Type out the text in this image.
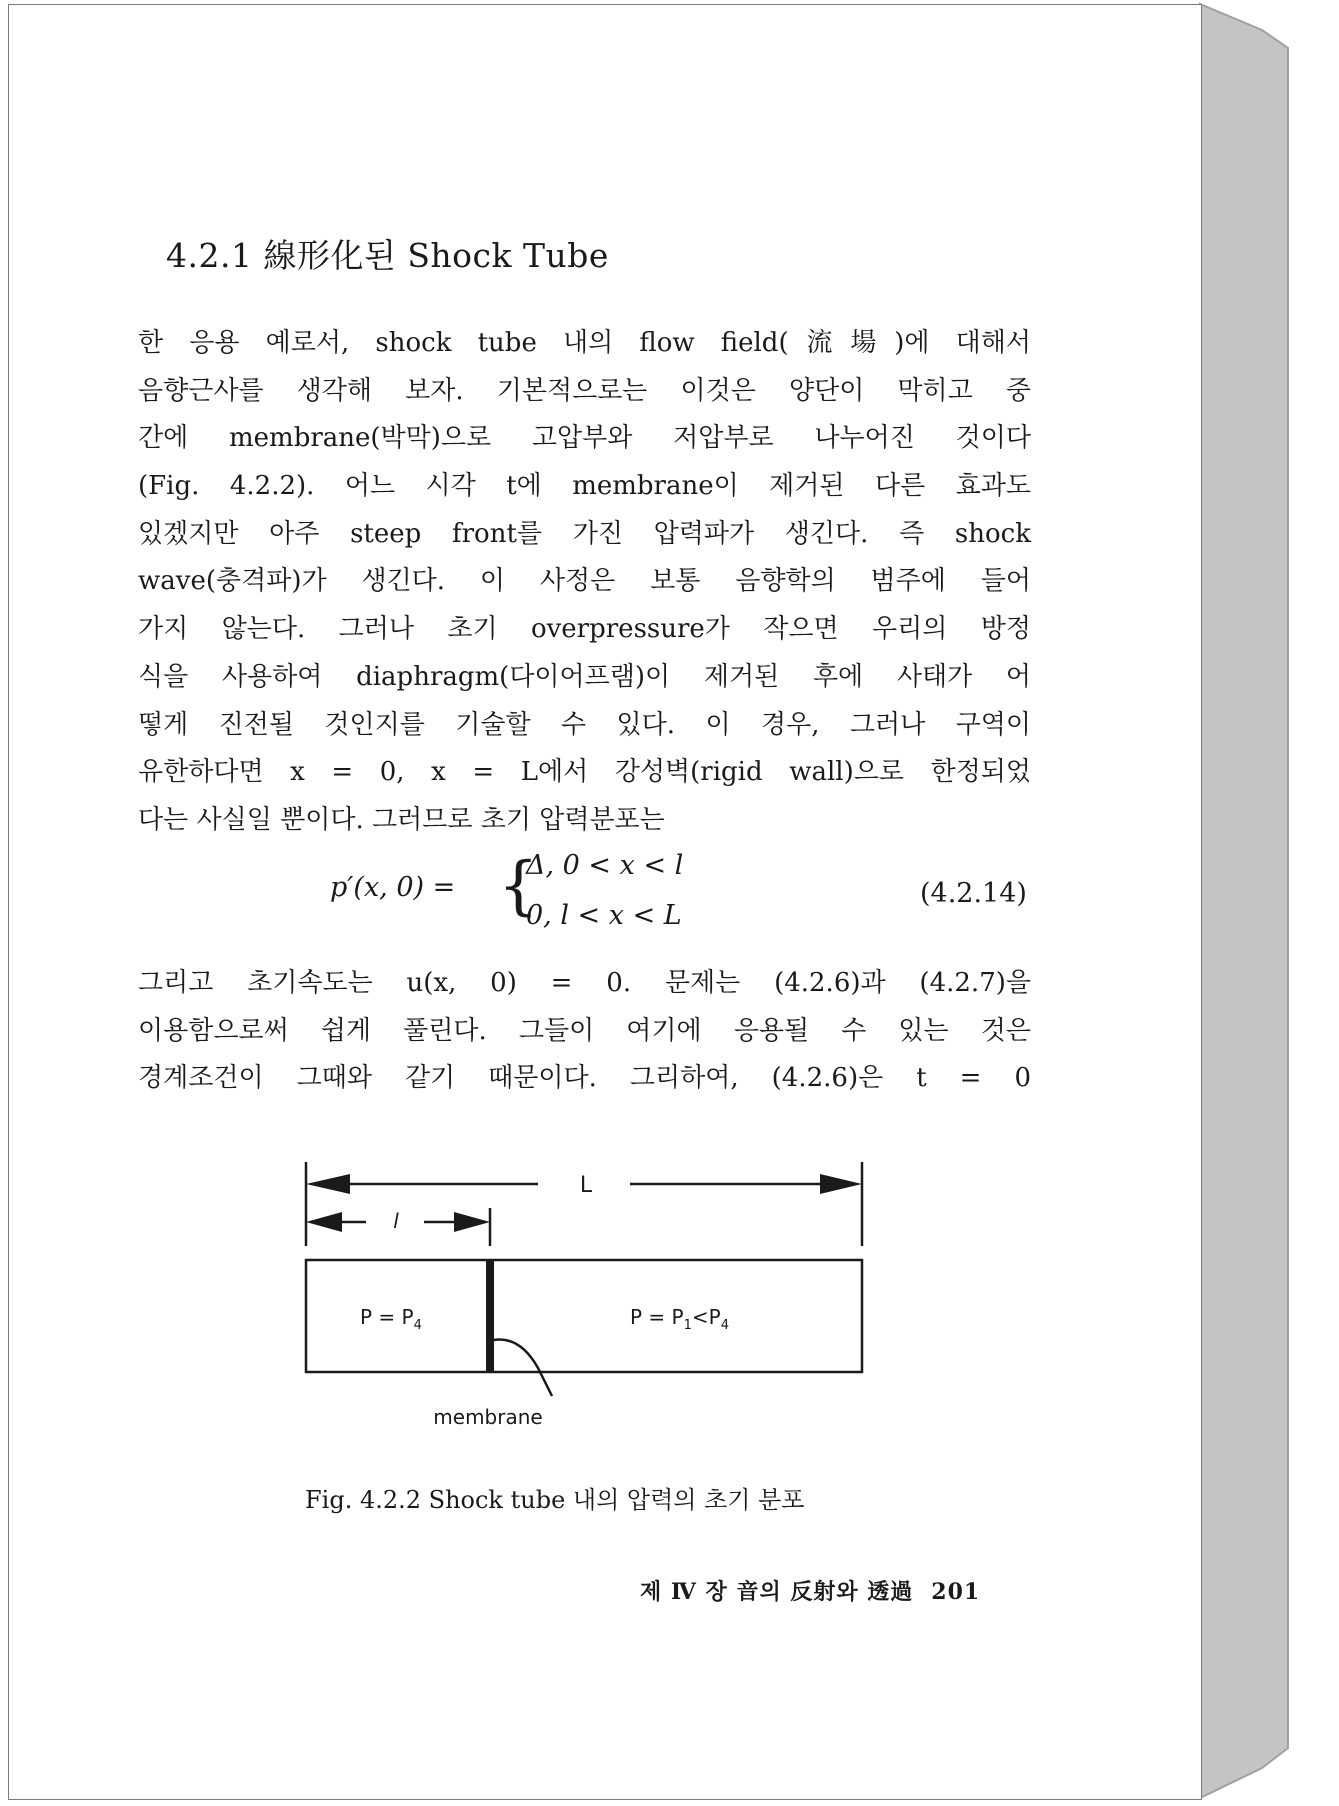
4.2.1 線形化된 Shock Tube
한 응용 예로서, shock tube 내의 flow field(流場)에 대해서
음향근사를 생각해 보자. 기본적으로는 이것은 양단이 막히고 중
간에 membrane(박막)으로 고압부와 저압부로 나누어진 것이다
(Fig. 4.2.2). 어느 시각 t에 membrane이 제거된 다른 효과도
있겠지만 아주 steep front를 가진 압력파가 생긴다. 즉 shock
wave(충격파)가 생긴다. 이 사정은 보통 음향학의 범주에 들어
가지 않는다. 그러나 초기 overpressure가 작으면 우리의 방정
식을 사용하여 diaphragm(다이어프램)이 제거된 후에 사태가 어
떻게 진전될 것인지를 기술할 수 있다. 이 경우, 그러나 구역이
유한하다면 x = 0, x = L에서 강성벽(rigid wall)으로 한정되었
다는 사실일 뿐이다. 그러므로 초기 압력분포는
p′(x, 0) = {
Δ, 0 < x < l
0, l < x < L
(4.2.14)
그리고 초기속도는 u(x, 0) = 0. 문제는 (4.2.6)과 (4.2.7)을
이용함으로써 쉽게 풀린다. 그들이 여기에 응용될 수 있는 것은
경계조건이 그때와 같기 때문이다. 그리하여, (4.2.6)은 t = 0
L
l
$P = P_4$	$P = P_1<P_4$
membrane
Fig. 4.2.2 Shock tube 내의 압력의 초기 분포
제 Ⅳ 장 音의 反射와 透過 201
